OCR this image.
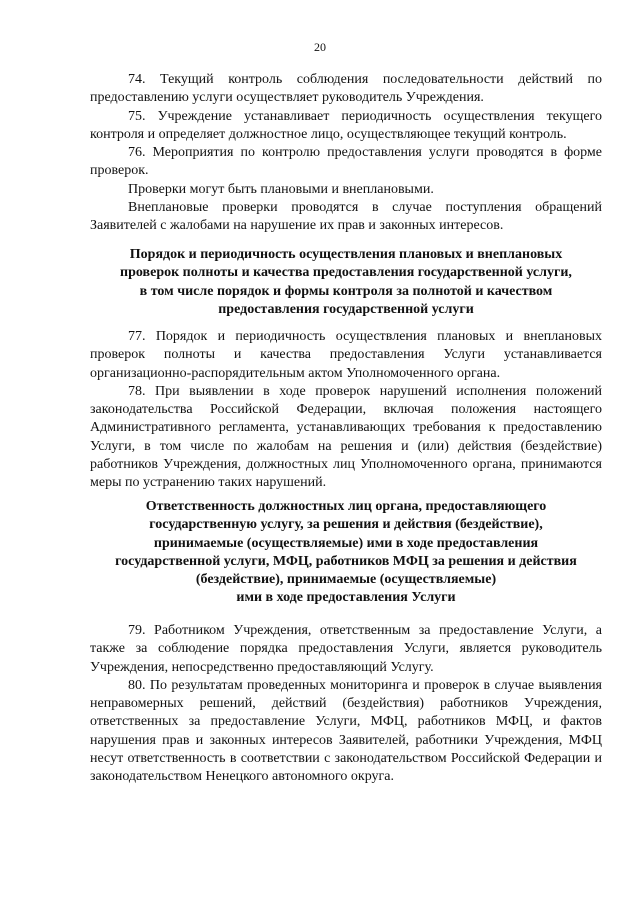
20

74. Текущий контроль соблюдения последовательности действий по предоставлению услуги осуществляет руководитель Учреждения.

75. Учреждение устанавливает периодичность осуществления текущего контроля и определяет должностное лицо, осуществляющее текущий контроль.

76. Мероприятия по контролю предоставления услуги проводятся в форме проверок.

Проверки могут быть плановыми и внеплановыми.

Внеплановые проверки проводятся в случае поступления обращений Заявителей с жалобами на нарушение их прав и законных интересов.

Порядок и периодичность осуществления плановых и внеплановых

проверок полноты и качества предоставления государственной услуги,

в том числе порядок и формы контроля за полнотой и качеством

предоставления государственной услуги

77. Порядок и периодичность осуществления плановых и внеплановых проверок полноты и качества предоставления Услуги устанавливается организационно-распорядительным актом Уполномоченного органа.

78. При выявлении в ходе проверок нарушений исполнения положений законодательства Российской Федерации, включая положения настоящего Административного регламента, устанавливающих требования к предоставлению Услуги, в том числе по жалобам на решения и (или) действия (бездействие) работников Учреждения, должностных лиц Уполномоченного органа, принимаются меры по устранению таких нарушений.

Ответственность должностных лиц органа, предоставляющего

государственную услугу, за решения и действия (бездействие),

принимаемые (осуществляемые) ими в ходе предоставления

государственной услуги, МФЦ, работников МФЦ за решения и действия

(бездействие), принимаемые (осуществляемые)

ими в ходе предоставления Услуги

79. Работником Учреждения, ответственным за предоставление Услуги, а также за соблюдение порядка предоставления Услуги, является руководитель Учреждения, непосредственно предоставляющий Услугу.

80. По результатам проведенных мониторинга и проверок в случае выявления неправомерных решений, действий (бездействия) работников Учреждения, ответственных за предоставление Услуги, МФЦ, работников МФЦ, и фактов нарушения прав и законных интересов Заявителей, работники Учреждения, МФЦ несут ответственность в соответствии с законодательством Российской Федерации и законодательством Ненецкого автономного округа.
